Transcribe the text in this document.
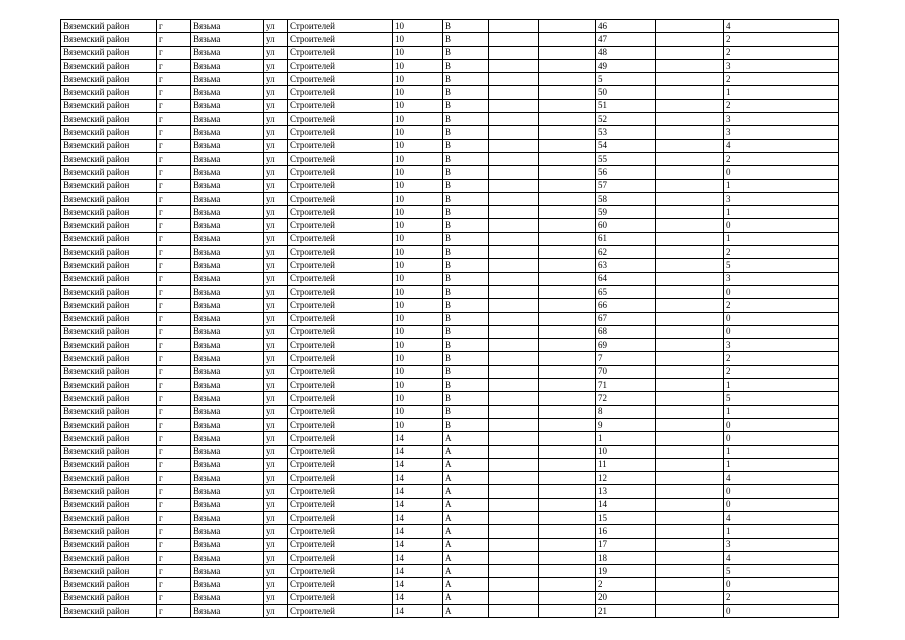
Вяземский район	г	Вязьма	ул	Строителей	10	В			46		4
Вяземский район	г	Вязьма	ул	Строителей	10	В			47		2
Вяземский район	г	Вязьма	ул	Строителей	10	В			48		2
Вяземский район	г	Вязьма	ул	Строителей	10	В			49		3
Вяземский район	г	Вязьма	ул	Строителей	10	В			5		2
Вяземский район	г	Вязьма	ул	Строителей	10	В			50		1
Вяземский район	г	Вязьма	ул	Строителей	10	В			51		2
Вяземский район	г	Вязьма	ул	Строителей	10	В			52		3
Вяземский район	г	Вязьма	ул	Строителей	10	В			53		3
Вяземский район	г	Вязьма	ул	Строителей	10	В			54		4
Вяземский район	г	Вязьма	ул	Строителей	10	В			55		2
Вяземский район	г	Вязьма	ул	Строителей	10	В			56		0
Вяземский район	г	Вязьма	ул	Строителей	10	В			57		1
Вяземский район	г	Вязьма	ул	Строителей	10	В			58		3
Вяземский район	г	Вязьма	ул	Строителей	10	В			59		1
Вяземский район	г	Вязьма	ул	Строителей	10	В			60		0
Вяземский район	г	Вязьма	ул	Строителей	10	В			61		1
Вяземский район	г	Вязьма	ул	Строителей	10	В			62		2
Вяземский район	г	Вязьма	ул	Строителей	10	В			63		5
Вяземский район	г	Вязьма	ул	Строителей	10	В			64		3
Вяземский район	г	Вязьма	ул	Строителей	10	В			65		0
Вяземский район	г	Вязьма	ул	Строителей	10	В			66		2
Вяземский район	г	Вязьма	ул	Строителей	10	В			67		0
Вяземский район	г	Вязьма	ул	Строителей	10	В			68		0
Вяземский район	г	Вязьма	ул	Строителей	10	В			69		3
Вяземский район	г	Вязьма	ул	Строителей	10	В			7		2
Вяземский район	г	Вязьма	ул	Строителей	10	В			70		2
Вяземский район	г	Вязьма	ул	Строителей	10	В			71		1
Вяземский район	г	Вязьма	ул	Строителей	10	В			72		5
Вяземский район	г	Вязьма	ул	Строителей	10	В			8		1
Вяземский район	г	Вязьма	ул	Строителей	10	В			9		0
Вяземский район	г	Вязьма	ул	Строителей	14	А			1		0
Вяземский район	г	Вязьма	ул	Строителей	14	А			10		1
Вяземский район	г	Вязьма	ул	Строителей	14	А			11		1
Вяземский район	г	Вязьма	ул	Строителей	14	А			12		4
Вяземский район	г	Вязьма	ул	Строителей	14	А			13		0
Вяземский район	г	Вязьма	ул	Строителей	14	А			14		0
Вяземский район	г	Вязьма	ул	Строителей	14	А			15		4
Вяземский район	г	Вязьма	ул	Строителей	14	А			16		1
Вяземский район	г	Вязьма	ул	Строителей	14	А			17		3
Вяземский район	г	Вязьма	ул	Строителей	14	А			18		4
Вяземский район	г	Вязьма	ул	Строителей	14	А			19		5
Вяземский район	г	Вязьма	ул	Строителей	14	А			2		0
Вяземский район	г	Вязьма	ул	Строителей	14	А			20		2
Вяземский район	г	Вязьма	ул	Строителей	14	А			21		0
